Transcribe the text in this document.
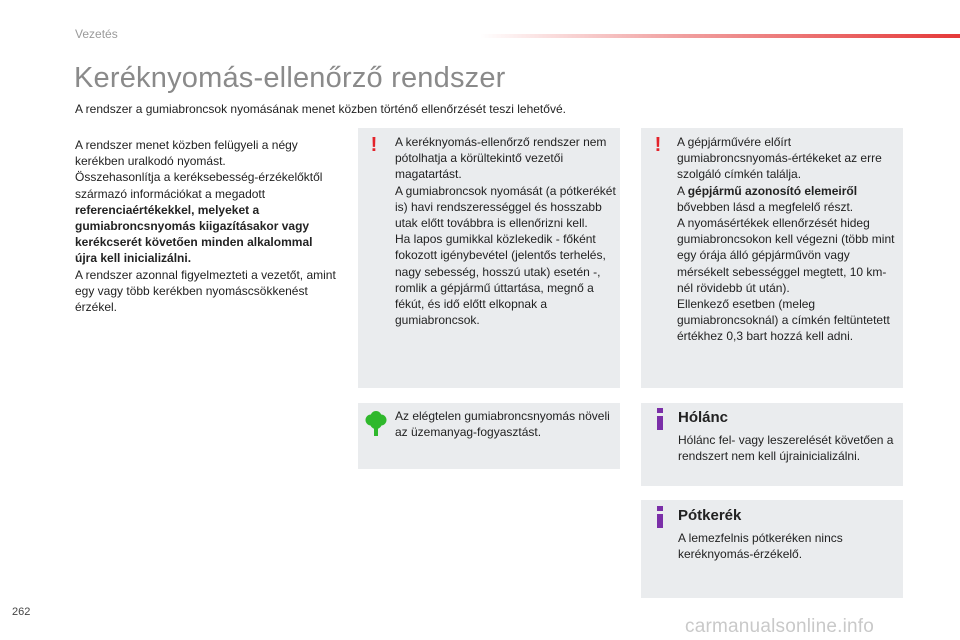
Vezetés
Keréknyomás-ellenőrző rendszer
A rendszer a gumiabroncsok nyomásának menet közben történő ellenőrzését teszi lehetővé.
A rendszer menet közben felügyeli a négy kerékben uralkodó nyomást.
Összehasonlítja a keréksebesség-érzékelőktől származó információkat a megadott referenciaértékekkel, melyeket a gumiabroncsnyomás kiigazításakor vagy kerékcserét követően minden alkalommal újra kell inicializálni.
A rendszer azonnal figyelmezteti a vezetőt, amint egy vagy több kerékben nyomáscsökkenést érzékel.
! A keréknyomás-ellenőrző rendszer nem pótolhatja a körültekintő vezetői magatartást.
A gumiabroncsok nyomását (a pótkerékét is) havi rendszerességgel és hosszabb utak előtt továbbra is ellenőrizni kell.
Ha lapos gumikkal közlekedik - főként fokozott igénybevétel (jelentős terhelés, nagy sebesség, hosszú utak) esetén -, romlik a gépjármű úttartása, megnő a fékút, és idő előtt elkopnak a gumiabroncsok.
! A gépjárművére előírt gumiabroncsnyomás-értékeket az erre szolgáló címkén találja.
A gépjármű azonosító elemeiről bővebben lásd a megfelelő részt.
A nyomásértékek ellenőrzését hideg gumiabroncsokon kell végezni (több mint egy órája álló gépjárművön vagy mérsékelt sebességgel megtett, 10 km-nél rövidebb út után).
Ellenkező esetben (meleg gumiabroncsoknál) a címkén feltüntetett értékhez 0,3 bart hozzá kell adni.
Az elégtelen gumiabroncsnyomás növeli az üzemanyag-fogyasztást.
Hólánc
Hólánc fel- vagy leszerelését követően a rendszert nem kell újrainicializálni.
Pótkerék
A lemezfelnis pótkeréken nincs keréknyomás-érzékelő.
262
carmanualsonline.info
